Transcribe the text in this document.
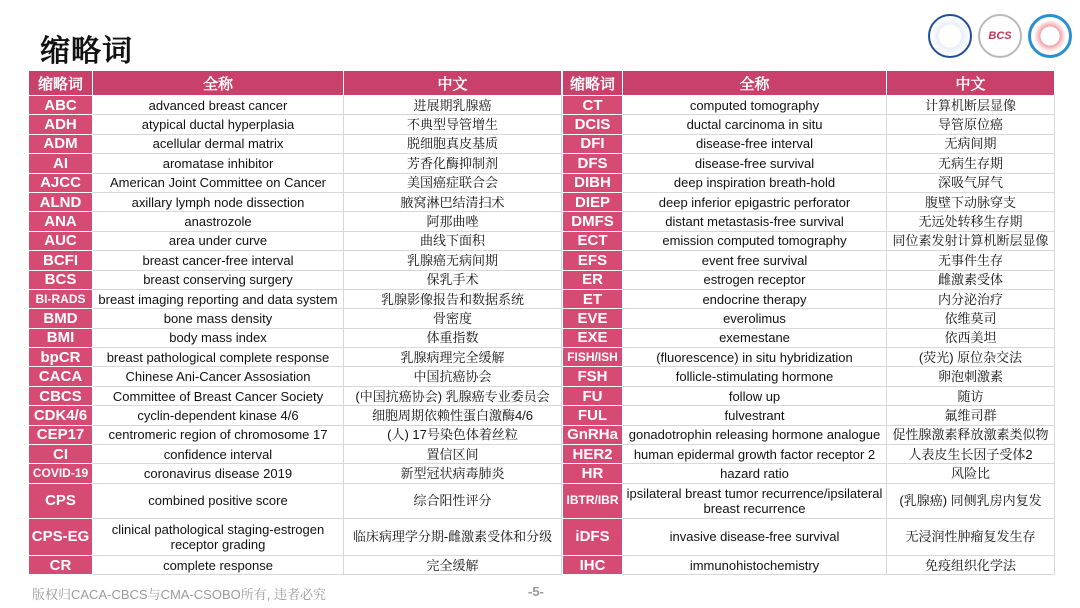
缩略词	BCS
缩略词	全称	中文
ABC	advanced breast cancer	进展期乳腺癌
ADH	atypical ductal hyperplasia	不典型导管增生
ADM	acellular dermal matrix	脱细胞真皮基质
AI	aromatase inhibitor	芳香化酶抑制剂
AJCC	American Joint Committee on Cancer	美国癌症联合会
ALND	axillary lymph node dissection	腋窝淋巴结清扫术
ANA	anastrozole	阿那曲唑
AUC	area under curve	曲线下面积
BCFI	breast cancer-free interval	乳腺癌无病间期
BCS	breast conserving surgery	保乳手术
BI-RADS	breast imaging reporting and data system	乳腺影像报告和数据系统
BMD	bone mass density	骨密度
BMI	body mass index	体重指数
bpCR	breast pathological complete response	乳腺病理完全缓解
CACA	Chinese Ani-Cancer Assosiation	中国抗癌协会
CBCS	Committee of Breast Cancer Society	(中国抗癌协会) 乳腺癌专业委员会
CDK4/6	cyclin-dependent kinase 4/6	细胞周期依赖性蛋白激酶4/6
CEP17	centromeric region of chromosome 17	(人) 17号染色体着丝粒
CI	confidence interval	置信区间
COVID-19	coronavirus disease 2019	新型冠状病毒肺炎
CPS	combined positive score	综合阳性评分
CPS-EG	clinical pathological staging-estrogen receptor grading	临床病理学分期-雌激素受体和分级
CR	complete response	完全缓解
缩略词	全称	中文
CT	computed tomography	计算机断层显像
DCIS	ductal carcinoma in situ	导管原位癌
DFI	disease-free interval	无病间期
DFS	disease-free survival	无病生存期
DIBH	deep inspiration breath-hold	深吸气屏气
DIEP	deep inferior epigastric perforator	腹壁下动脉穿支
DMFS	distant metastasis-free survival	无远处转移生存期
ECT	emission computed tomography	同位素发射计算机断层显像
EFS	event free survival	无事件生存
ER	estrogen receptor	雌激素受体
ET	endocrine therapy	内分泌治疗
EVE	everolimus	依维莫司
EXE	exemestane	依西美坦
FISH/ISH	(fluorescence) in situ hybridization	(荧光) 原位杂交法
FSH	follicle-stimulating hormone	卵泡刺激素
FU	follow up	随访
FUL	fulvestrant	氟维司群
GnRHa	gonadotrophin releasing hormone analogue	促性腺激素释放激素类似物
HER2	human epidermal growth factor receptor 2	人表皮生长因子受体2
HR	hazard ratio	风险比
IBTR/IBR	ipsilateral breast tumor recurrence/ipsilateral breast recurrence	(乳腺癌) 同侧乳房内复发
iDFS	invasive disease-free survival	无浸润性肿瘤复发生存
IHC	immunohistochemistry	免疫组织化学法
版权归CACA-CBCS与CMA-CSOBO所有, 违者必究	-5-
